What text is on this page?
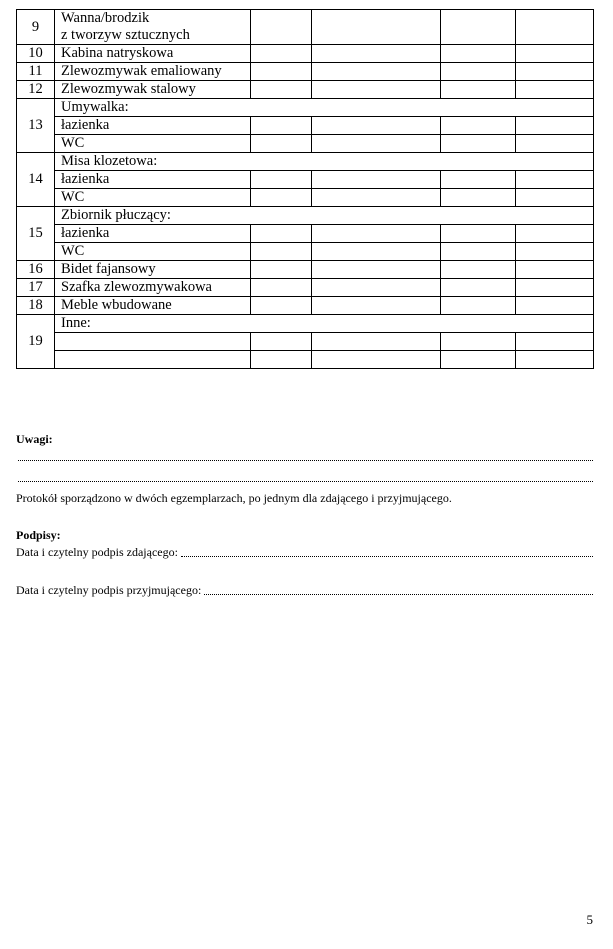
9	Wanna/brodzik
z tworzyw sztucznych				

10	Kabina natryskowa				
11	Zlewozmywak emaliowany				
12	Zlewozmywak stalowy				
13	Umywalka:				
	łazienka				
	WC				
14	Misa klozetowa:				
	łazienka				
	WC				
15	Zbiornik płuczący:				
	łazienka				
	WC				
16	Bidet fajansowy				
17	Szafka zlewozmywakowa				
18	Meble wbudowane				
19	Inne:				

Uwagi:
Protokół sporządzono w dwóch egzemplarzach, po jednym dla zdającego i przyjmującego.
Podpisy:
Data i czytelny podpis zdającego:
Data i czytelny podpis przyjmującego:
5
